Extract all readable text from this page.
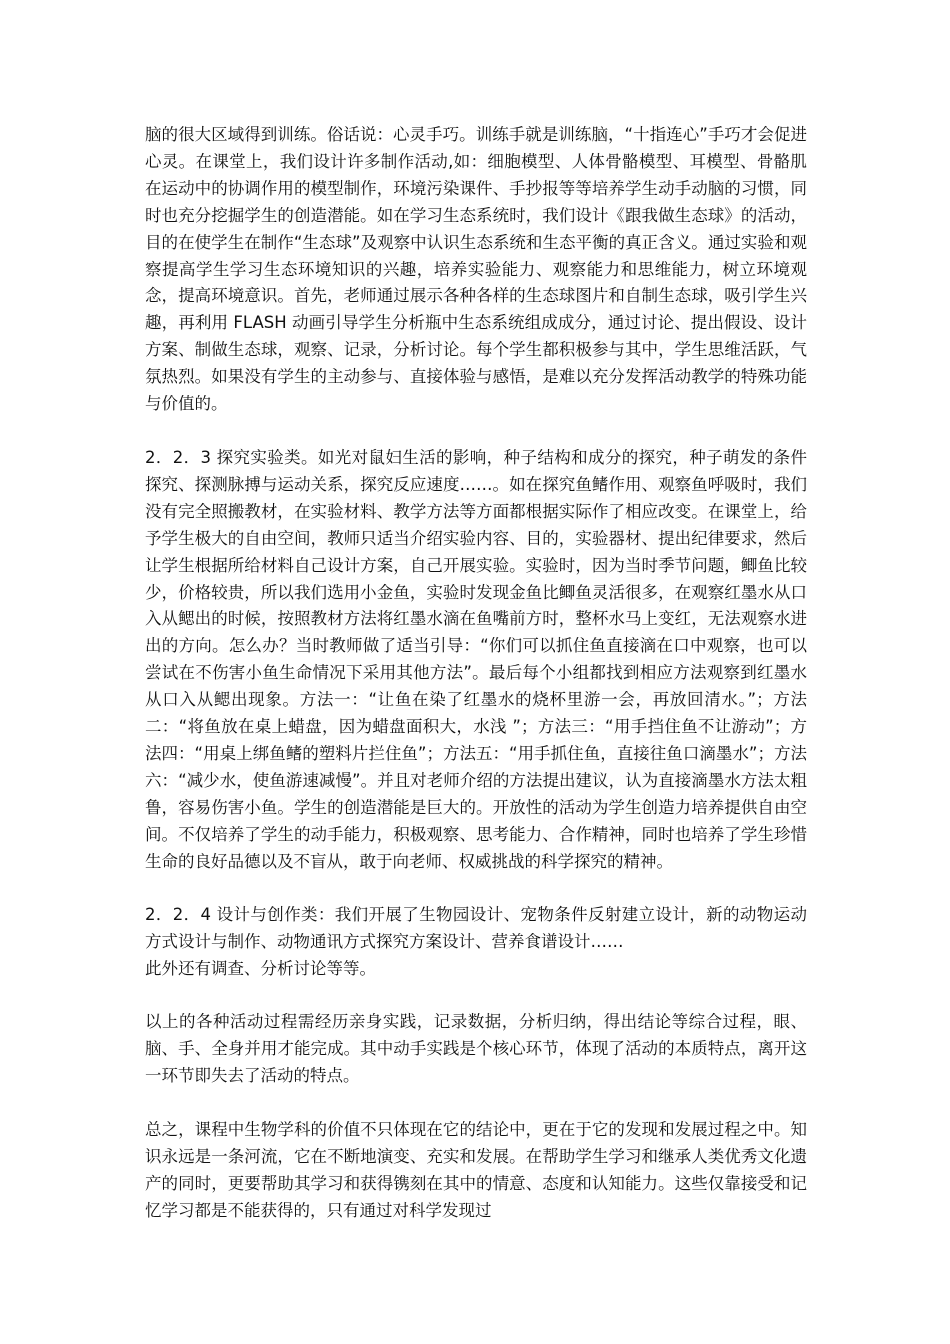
脑的很大区域得到训练。俗话说：心灵手巧。训练手就是训练脑，“十指连心”手巧才会促进心灵。在课堂上，我们设计许多制作活动,如：细胞模型、人体骨骼模型、耳模型、骨骼肌在运动中的协调作用的模型制作，环境污染课件、手抄报等等培养学生动手动脑的习惯，同时也充分挖掘学生的创造潜能。如在学习生态系统时，我们设计《跟我做生态球》的活动，目的在使学生在制作“生态球”及观察中认识生态系统和生态平衡的真正含义。通过实验和观察提高学生学习生态环境知识的兴趣，培养实验能力、观察能力和思维能力，树立环境观念，提高环境意识。首先，老师通过展示各种各样的生态球图片和自制生态球，吸引学生兴趣，再利用 FLASH 动画引导学生分析瓶中生态系统组成成分，通过讨论、提出假设、设计方案、制做生态球，观察、记录，分析讨论。每个学生都积极参与其中，学生思维活跃，气氛热烈。如果没有学生的主动参与、直接体验与感悟，是难以充分发挥活动教学的特殊功能与价值的。

2．2．3 探究实验类。如光对鼠妇生活的影响，种子结构和成分的探究，种子萌发的条件探究、探测脉搏与运动关系，探究反应速度……。如在探究鱼鳍作用、观察鱼呼吸时，我们没有完全照搬教材，在实验材料、教学方法等方面都根据实际作了相应改变。在课堂上，给予学生极大的自由空间，教师只适当介绍实验内容、目的，实验器材、提出纪律要求，然后让学生根据所给材料自己设计方案，自己开展实验。实验时，因为当时季节问题，鲫鱼比较少，价格较贵，所以我们选用小金鱼，实验时发现金鱼比鲫鱼灵活很多，在观察红墨水从口入从鳃出的时候，按照教材方法将红墨水滴在鱼嘴前方时，整杯水马上变红，无法观察水进出的方向。怎么办？当时教师做了适当引导：“你们可以抓住鱼直接滴在口中观察，也可以尝试在不伤害小鱼生命情况下采用其他方法”。最后每个小组都找到相应方法观察到红墨水从口入从鳃出现象。方法一：“让鱼在染了红墨水的烧杯里游一会，再放回清水。”；方法二：“将鱼放在桌上蜡盘，因为蜡盘面积大，水浅 ”；方法三：“用手挡住鱼不让游动”；方法四：“用桌上绑鱼鳍的塑料片拦住鱼”；方法五：“用手抓住鱼，直接往鱼口滴墨水”；方法六：“减少水，使鱼游速减慢”。并且对老师介绍的方法提出建议，认为直接滴墨水方法太粗鲁，容易伤害小鱼。学生的创造潜能是巨大的。开放性的活动为学生创造力培养提供自由空间。不仅培养了学生的动手能力，积极观察、思考能力、合作精神，同时也培养了学生珍惜生命的良好品德以及不盲从，敢于向老师、权威挑战的科学探究的精神。

2．2．4 设计与创作类：我们开展了生物园设计、宠物条件反射建立设计，新的动物运动方式设计与制作、动物通讯方式探究方案设计、营养食谱设计……
此外还有调查、分析讨论等等。

以上的各种活动过程需经历亲身实践，记录数据，分析归纳，得出结论等综合过程，眼、脑、手、全身并用才能完成。其中动手实践是个核心环节，体现了活动的本质特点，离开这一环节即失去了活动的特点。

总之，课程中生物学科的价值不只体现在它的结论中，更在于它的发现和发展过程之中。知识永远是一条河流，它在不断地演变、充实和发展。在帮助学生学习和继承人类优秀文化遗产的同时，更要帮助其学习和获得镌刻在其中的情意、态度和认知能力。这些仅靠接受和记忆学习都是不能获得的，只有通过对科学发现过
